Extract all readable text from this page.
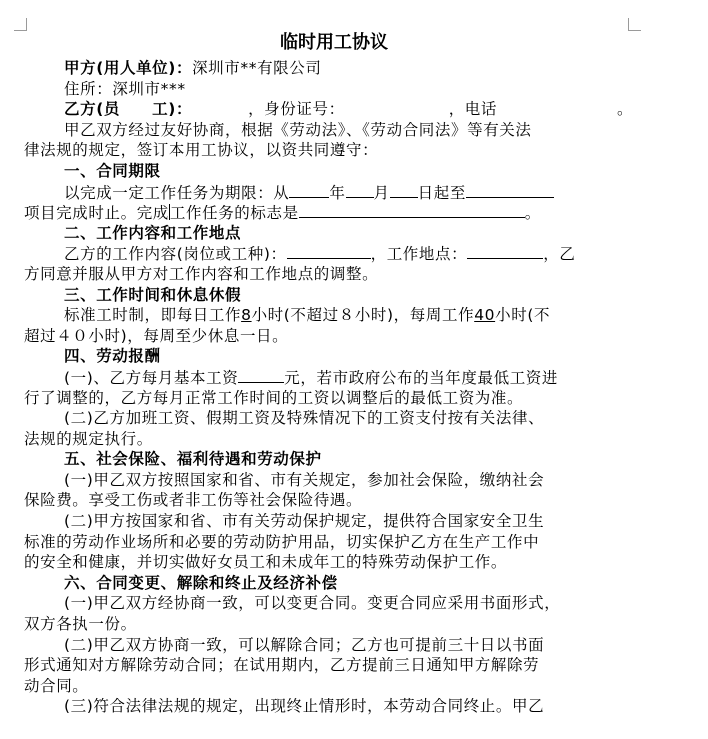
临时用工协议
甲方(用人单位)：深圳市**有限公司
住所：深圳市***
乙方(员　　工)：	，身份证号：	，电话	。
甲乙双方经过友好协商，根据《劳动法》、《劳动合同法》等有关法
律法规的规定，签订本用工协议，以资共同遵守：
一、合同期限
以完成一定工作任务为期限：从	年 月 日起至
项目完成时止。完成工作任务的标志是	。
二、工作内容和工作地点
乙方的工作内容(岗位或工种)：	，工作地点：	，乙
方同意并服从甲方对工作内容和工作地点的调整。
三、工作时间和休息休假
标准工时制，即每日工作8小时(不超过８小时)，每周工作40小时(不
超过４０小时)，每周至少休息一日。
四、劳动报酬
(一)、乙方每月基本工资	元，若市政府公布的当年度最低工资进
行了调整的，乙方每月正常工作时间的工资以调整后的最低工资为准。
(二)乙方加班工资、假期工资及特殊情况下的工资支付按有关法律、
法规的规定执行。
五、社会保险、福利待遇和劳动保护
(一)甲乙双方按照国家和省、市有关规定，参加社会保险，缴纳社会
保险费。享受工伤或者非工伤等社会保险待遇。
(二)甲方按国家和省、市有关劳动保护规定，提供符合国家安全卫生
标准的劳动作业场所和必要的劳动防护用品，切实保护乙方在生产工作中
的安全和健康，并切实做好女员工和未成年工的特殊劳动保护工作。
六、合同变更、解除和终止及经济补偿
(一)甲乙双方经协商一致，可以变更合同。变更合同应采用书面形式，
双方各执一份。
(二)甲乙双方协商一致，可以解除合同；乙方也可提前三十日以书面
形式通知对方解除劳动合同；在试用期内，乙方提前三日通知甲方解除劳
动合同。
(三)符合法律法规的规定，出现终止情形时，本劳动合同终止。甲乙
